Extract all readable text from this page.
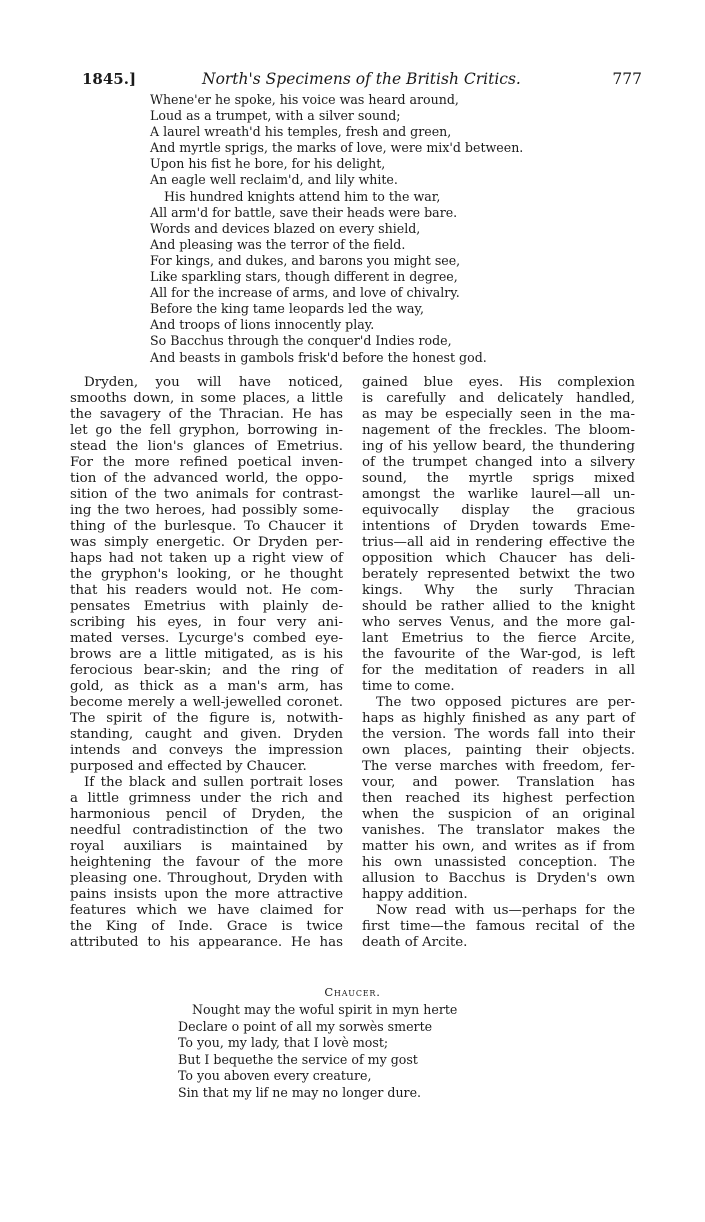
1845.]	North's Specimens of the British Critics.	777
Whene'er he spoke, his voice was heard around,
Loud as a trumpet, with a silver sound;
A laurel wreath'd his temples, fresh and green,
And myrtle sprigs, the marks of love, were mix'd between.
Upon his fist he bore, for his delight,
An eagle well reclaim'd, and lily white.
His hundred knights attend him to the war,
All arm'd for battle, save their heads were bare.
Words and devices blazed on every shield,
And pleasing was the terror of the field.
For kings, and dukes, and barons you might see,
Like sparkling stars, though different in degree,
All for the increase of arms, and love of chivalry.
Before the king tame leopards led the way,
And troops of lions innocently play.
So Bacchus through the conquer'd Indies rode,
And beasts in gambols frisk'd before the honest god.
Dryden, you will have noticed,
smooths down, in some places, a little
the savagery of the Thracian. He has
let go the fell gryphon, borrowing in-
stead the lion's glances of Emetrius.
For the more refined poetical inven-
tion of the advanced world, the oppo-
sition of the two animals for contrast-
ing the two heroes, had possibly some-
thing of the burlesque. To Chaucer it
was simply energetic. Or Dryden per-
haps had not taken up a right view of
the gryphon's looking, or he thought
that his readers would not. He com-
pensates Emetrius with plainly de-
scribing his eyes, in four very ani-
mated verses. Lycurge's combed eye-
brows are a little mitigated, as is his
ferocious bear-skin; and the ring of
gold, as thick as a man's arm, has
become merely a well-jewelled coronet.
The spirit of the figure is, notwith-
standing, caught and given. Dryden
intends and conveys the impression
purposed and effected by Chaucer.
If the black and sullen portrait loses
a little grimness under the rich and
harmonious pencil of Dryden, the
needful contradistinction of the two
royal auxiliars is maintained by
heightening the favour of the more
pleasing one. Throughout, Dryden with
pains insists upon the more attractive
features which we have claimed for
the King of Inde. Grace is twice
attributed to his appearance. He has
gained blue eyes. His complexion
is carefully and delicately handled,
as may be especially seen in the ma-
nagement of the freckles. The bloom-
ing of his yellow beard, the thundering
of the trumpet changed into a silvery
sound, the myrtle sprigs mixed
amongst the warlike laurel—all un-
equivocally display the gracious
intentions of Dryden towards Eme-
trius—all aid in rendering effective the
opposition which Chaucer has deli-
berately represented betwixt the two
kings. Why the surly Thracian
should be rather allied to the knight
who serves Venus, and the more gal-
lant Emetrius to the fierce Arcite,
the favourite of the War-god, is left
for the meditation of readers in all
time to come.
The two opposed pictures are per-
haps as highly finished as any part of
the version. The words fall into their
own places, painting their objects.
The verse marches with freedom, fer-
vour, and power. Translation has
then reached its highest perfection
when the suspicion of an original
vanishes. The translator makes the
matter his own, and writes as if from
his own unassisted conception. The
allusion to Bacchus is Dryden's own
happy addition.
Now read with us—perhaps for the
first time—the famous recital of the
death of Arcite.
Chaucer.
Nought may the woful spirit in myn herte
Declare o point of all my sorwès smerte
To you, my lady, that I lovè most;
But I bequethe the service of my gost
To you aboven every creature,
Sin that my lif ne may no longer dure.
